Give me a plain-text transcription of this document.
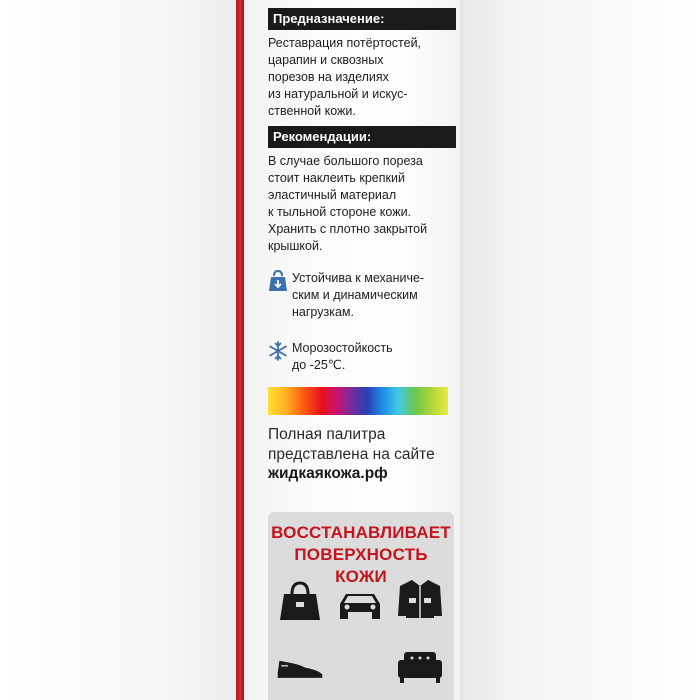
Предназначение:
Реставрация потёртостей,
царапин и сквозных
порезов на изделиях
из натуральной и искус-
ственной кожи.
Рекомендации:
В случае большого пореза
стоит наклеить крепкий
эластичный материал
к тыльной стороне кожи.
Хранить с плотно закрытой
крышкой.
Устойчива к механиче-
ским и динамическим
нагрузкам.
Морозостойкость
до -25℃.
Полная палитра
представлена на сайте
жидкаякожа.рф
ВОССТАНАВЛИВАЕТ
ПОВЕРХНОСТЬ КОЖИ
